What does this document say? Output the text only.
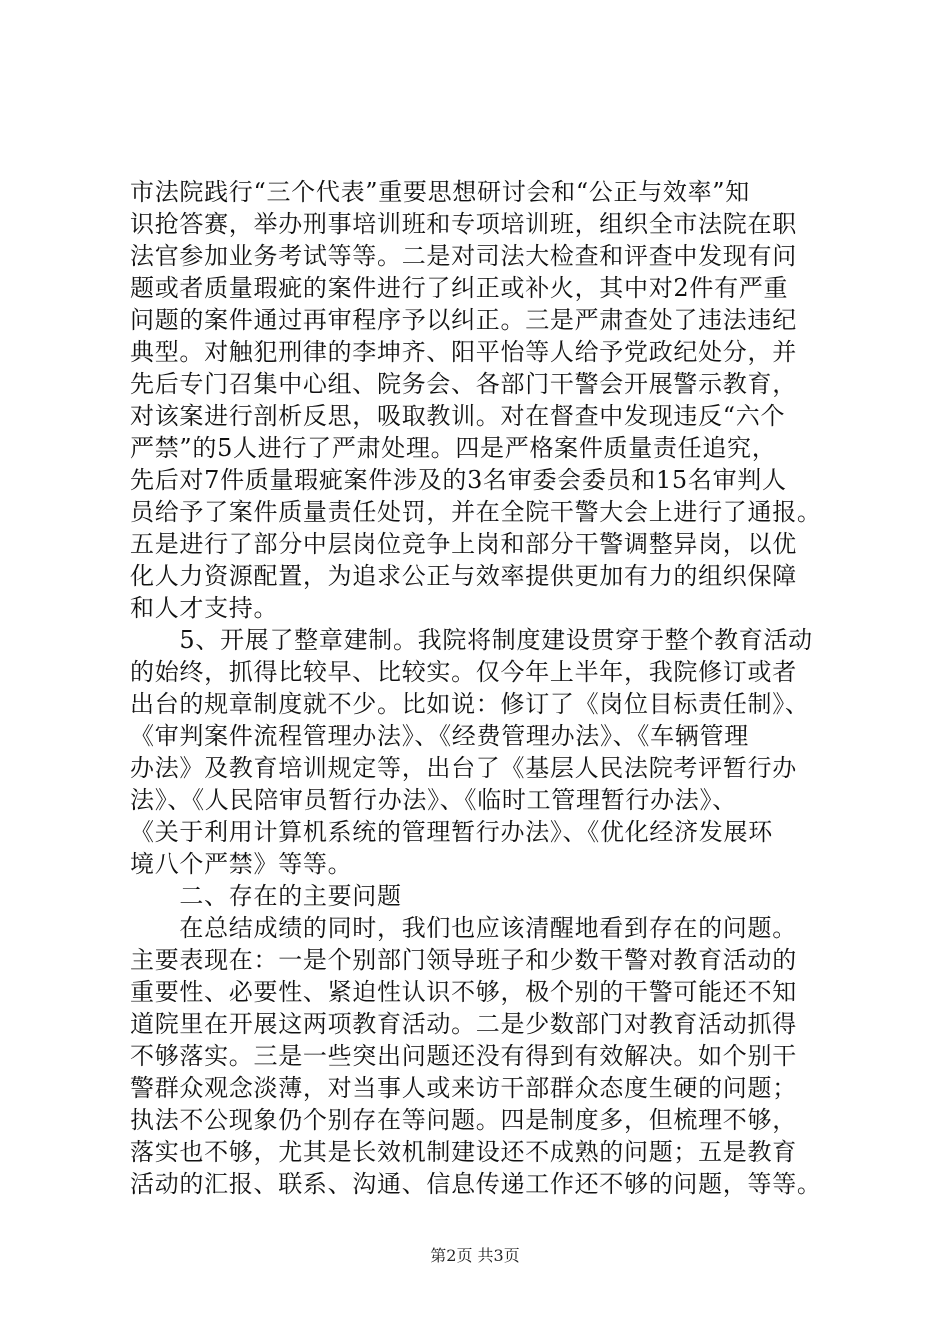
市法院践行“三个代表”重要思想研讨会和“公正与效率”知
识抢答赛，举办刑事培训班和专项培训班，组织全市法院在职
法官参加业务考试等等。二是对司法大检查和评查中发现有问
题或者质量瑕疵的案件进行了纠正或补火，其中对2件有严重
问题的案件通过再审程序予以纠正。三是严肃查处了违法违纪
典型。对触犯刑律的李坤齐、阳平怡等人给予党政纪处分，并
先后专门召集中心组、院务会、各部门干警会开展警示教育，
对该案进行剖析反思，吸取教训。对在督查中发现违反“六个
严禁”的5人进行了严肃处理。四是严格案件质量责任追究，
先后对7件质量瑕疵案件涉及的3名审委会委员和15名审判人
员给予了案件质量责任处罚，并在全院干警大会上进行了通报。
五是进行了部分中层岗位竞争上岗和部分干警调整异岗，以优
化人力资源配置，为追求公正与效率提供更加有力的组织保障
和人才支持。
　　5、开展了整章建制。我院将制度建设贯穿于整个教育活动
的始终，抓得比较早、比较实。仅今年上半年，我院修订或者
出台的规章制度就不少。比如说：修订了《岗位目标责任制》、
《审判案件流程管理办法》、《经费管理办法》、《车辆管理
办法》及教育培训规定等，出台了《基层人民法院考评暂行办
法》、《人民陪审员暂行办法》、《临时工管理暂行办法》、
《关于利用计算机系统的管理暂行办法》、《优化经济发展环
境八个严禁》等等。
　　二、存在的主要问题
　　在总结成绩的同时，我们也应该清醒地看到存在的问题。
主要表现在：一是个别部门领导班子和少数干警对教育活动的
重要性、必要性、紧迫性认识不够，极个别的干警可能还不知
道院里在开展这两项教育活动。二是少数部门对教育活动抓得
不够落实。三是一些突出问题还没有得到有效解决。如个别干
警群众观念淡薄，对当事人或来访干部群众态度生硬的问题；
执法不公现象仍个别存在等问题。四是制度多，但梳理不够，
落实也不够，尤其是长效机制建设还不成熟的问题；五是教育
活动的汇报、联系、沟通、信息传递工作还不够的问题，等等。
第2页 共3页
